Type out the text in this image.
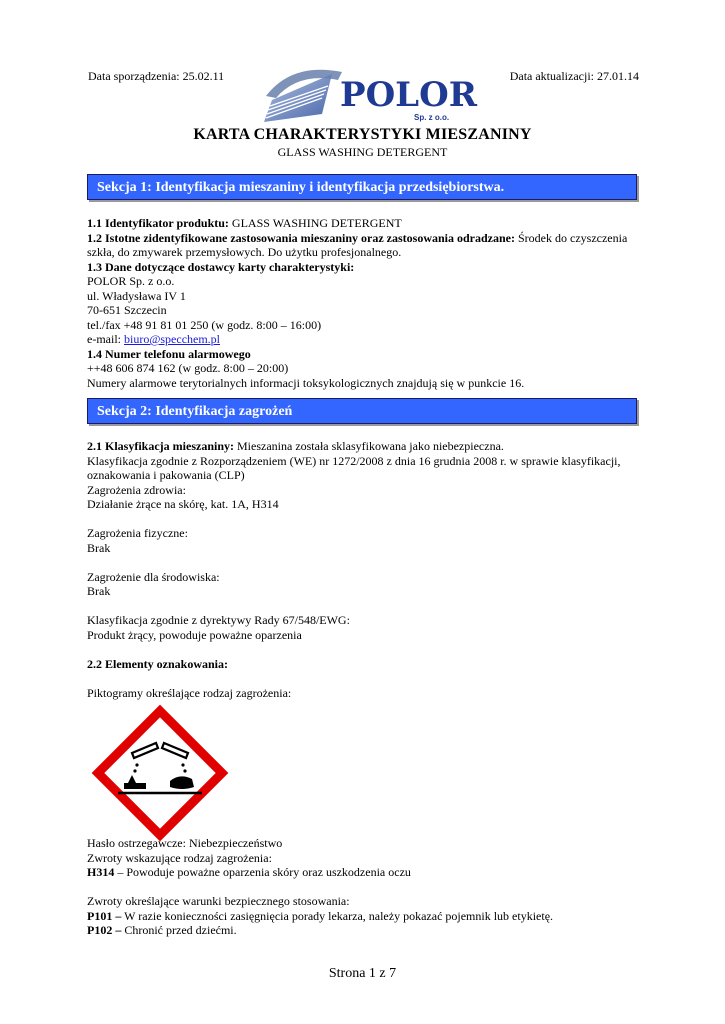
Data sporządzenia: 25.02.11	Data aktualizacji: 27.01.14
POLOR
Sp. z o.o.
KARTA CHARAKTERYSTYKI MIESZANINY
GLASS WASHING DETERGENT
Sekcja 1: Identyfikacja mieszaniny i identyfikacja przedsiębiorstwa.

1.1 Identyfikator produktu: GLASS WASHING DETERGENT

1.2 Istotne zidentyfikowane zastosowania mieszaniny oraz zastosowania odradzane: Środek do czyszczenia szkła, do zmywarek przemysłowych. Do użytku profesjonalnego.

1.3 Dane dotyczące dostawcy karty charakterystyki:

POLOR Sp. z o.o.

ul. Władysława IV 1

70-651 Szczecin

tel./fax +48 91 81 01 250 (w godz. 8:00 – 16:00)

e-mail: biuro@specchem.pl

1.4 Numer telefonu alarmowego

++48 606 874 162 (w godz. 8:00 – 20:00)

Numery alarmowe terytorialnych informacji toksykologicznych znajdują się w punkcie 16.

Sekcja 2: Identyfikacja zagrożeń

2.1 Klasyfikacja mieszaniny: Mieszanina została sklasyfikowana jako niebezpieczna.

Klasyfikacja zgodnie z Rozporządzeniem (WE) nr 1272/2008 z dnia 16 grudnia 2008 r. w sprawie klasyfikacji, oznakowania i pakowania (CLP)

Zagrożenia zdrowia:

Działanie żrące na skórę, kat. 1A, H314

Zagrożenia fizyczne:

Brak

Zagrożenie dla środowiska:

Brak

Klasyfikacja zgodnie z dyrektywy Rady 67/548/EWG:

Produkt żrący, powoduje poważne oparzenia

2.2 Elementy oznakowania:

Piktogramy określające rodzaj zagrożenia:

Hasło ostrzegawcze: Niebezpieczeństwo

Zwroty wskazujące rodzaj zagrożenia:

H314 – Powoduje poważne oparzenia skóry oraz uszkodzenia oczu

Zwroty określające warunki bezpiecznego stosowania:

P101 – W razie konieczności zasięgnięcia porady lekarza, należy pokazać pojemnik lub etykietę.

P102 – Chronić przed dziećmi.

Strona 1 z 7
